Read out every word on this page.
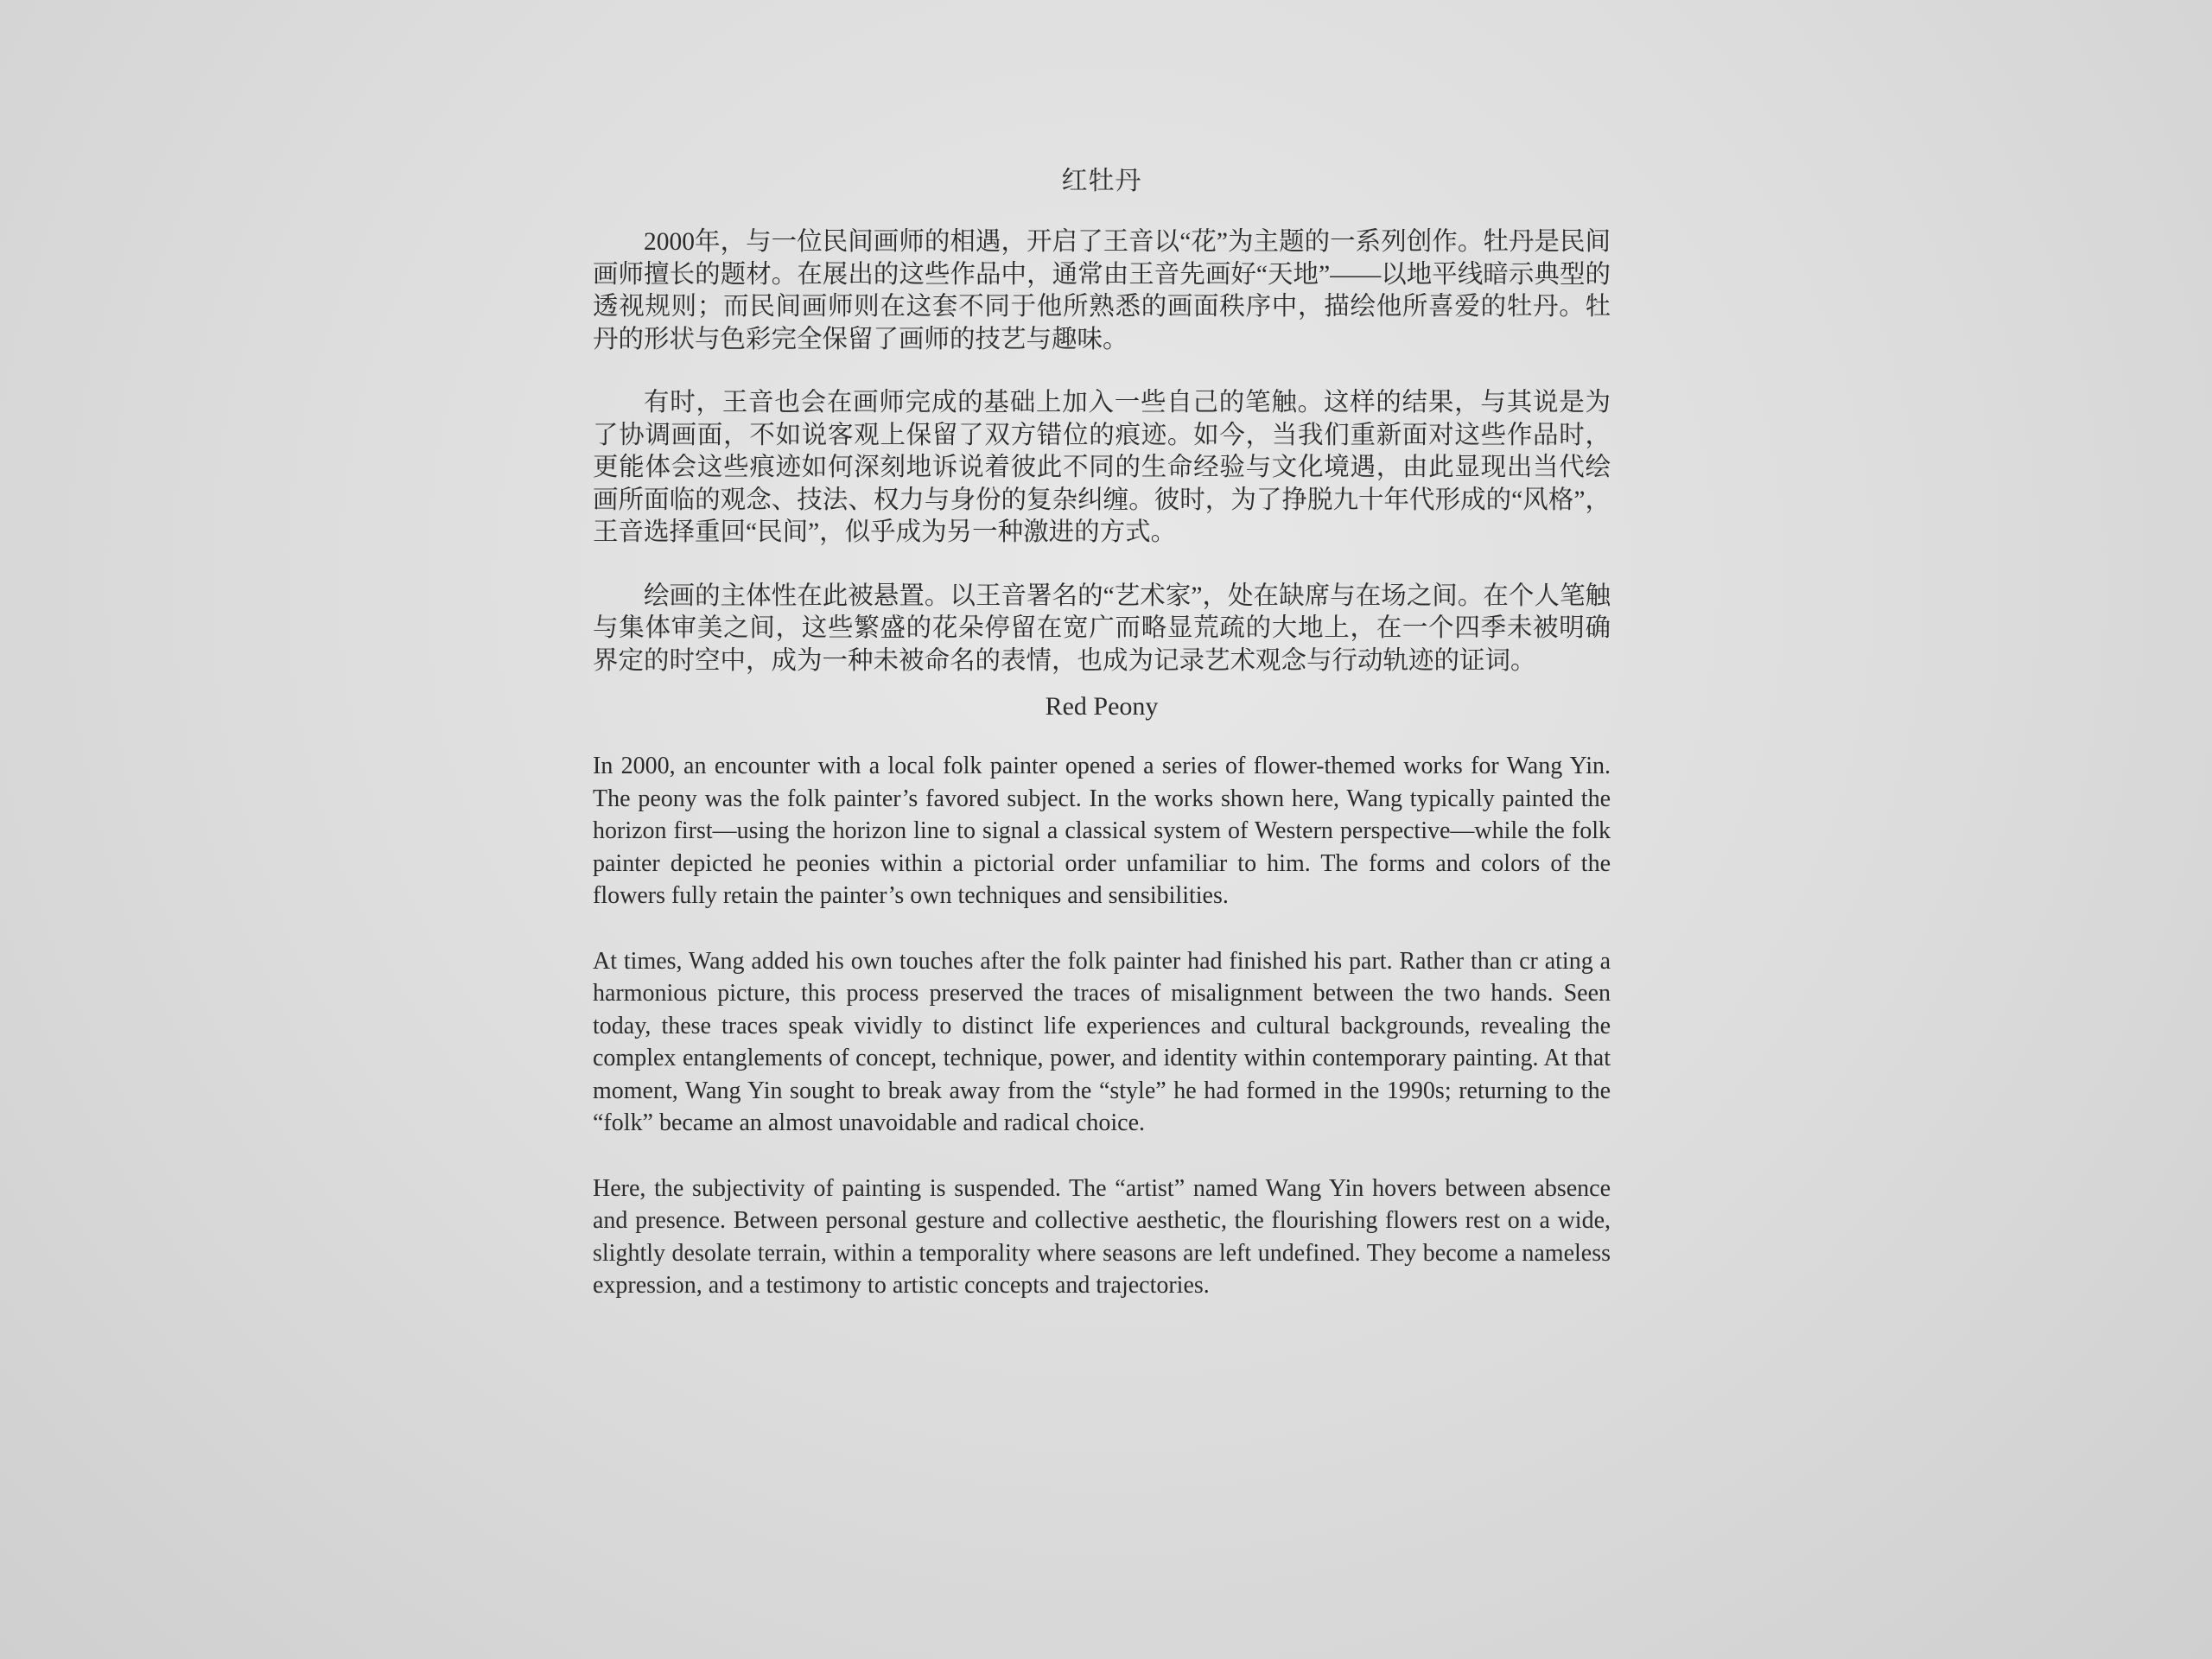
红牡丹

2000年，与一位民间画师的相遇，开启了王音以“花”为主题的一系列创作。牡丹是民间画师擅长的题材。在展出的这些作品中，通常由王音先画好“天地”——以地平线暗示典型的透视规则；而民间画师则在这套不同于他所熟悉的画面秩序中，描绘他所喜爱的牡丹。牡丹的形状与色彩完全保留了画师的技艺与趣味。

有时，王音也会在画师完成的基础上加入一些自己的笔触。这样的结果，与其说是为了协调画面，不如说客观上保留了双方错位的痕迹。如今，当我们重新面对这些作品时，更能体会这些痕迹如何深刻地诉说着彼此不同的生命经验与文化境遇，由此显现出当代绘画所面临的观念、技法、权力与身份的复杂纠缠。彼时，为了挣脱九十年代形成的“风格”，王音选择重回“民间”，似乎成为另一种激进的方式。

绘画的主体性在此被悬置。以王音署名的“艺术家”，处在缺席与在场之间。在个人笔触与集体审美之间，这些繁盛的花朵停留在宽广而略显荒疏的大地上，在一个四季未被明确界定的时空中，成为一种未被命名的表情，也成为记录艺术观念与行动轨迹的证词。

Red Peony

In 2000, an encounter with a local folk painter opened a series of flower-themed works for Wang Yin. The peony was the folk painter’s favored subject. In the works shown here, Wang typically painted the horizon first—using the horizon line to signal a classical system of Western perspective—while the folk painter depicted he peonies within a pictorial order unfamiliar to him. The forms and colors of the flowers fully retain the painter’s own techniques and sensibilities.

At times, Wang added his own touches after the folk painter had finished his part. Rather than cr ating a harmonious picture, this process preserved the traces of misalignment between the two hands. Seen today, these traces speak vividly to distinct life experiences and cultural backgrounds, revealing the complex entanglements of concept, technique, power, and identity within contemporary painting. At that moment, Wang Yin sought to break away from the “style” he had formed in the 1990s; returning to the “folk” became an almost unavoidable and radical choice.

Here, the subjectivity of painting is suspended. The “artist” named Wang Yin hovers between absence and presence. Between personal gesture and collective aesthetic, the flourishing flowers rest on a wide, slightly desolate terrain, within a temporality where seasons are left undefined. They become a nameless expression, and a testimony to artistic concepts and trajectories.
